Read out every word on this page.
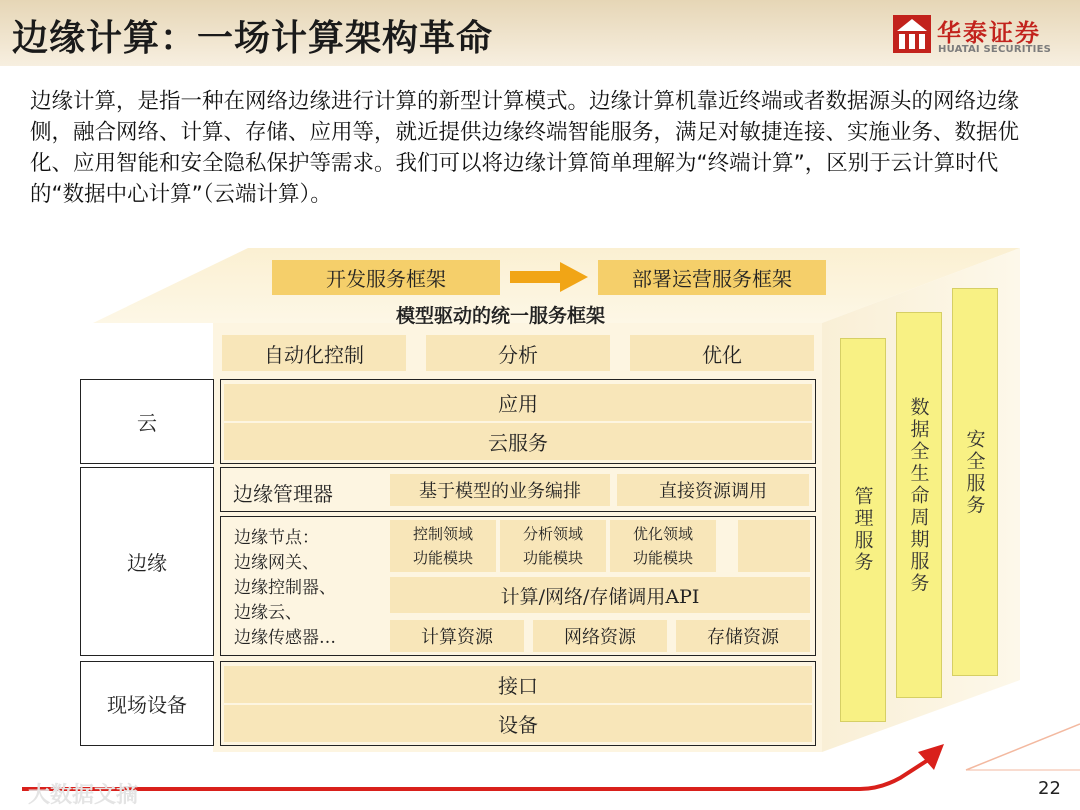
边缘计算：一场计算架构革命	华泰证券
HUATAI SECURITIES
边缘计算，是指一种在网络边缘进行计算的新型计算模式。边缘计算机靠近终端或者数据源头的网络边缘侧，融合网络、计算、存储、应用等，就近提供边缘终端智能服务，满足对敏捷连接、实施业务、数据优化、应用智能和安全隐私保护等需求。我们可以将边缘计算简单理解为“终端计算”，区别于云计算时代的“数据中心计算”（云端计算）。
开发服务框架	部署运营服务框架
模型驱动的统一服务框架
自动化控制	分析	优化
云
应用
云服务
边缘
边缘管理器	基于模型的业务编排	直接资源调用
边缘节点：
边缘网关、
边缘控制器、
边缘云、
边缘传感器…
控制领域
功能模块
分析领域
功能模块
优化领域
功能模块
计算/网络/存储调用API
计算资源	网络资源	存储资源
现场设备
接口
设备
管理服务 数据全生命周期服务 安全服务
大数据文摘	22
